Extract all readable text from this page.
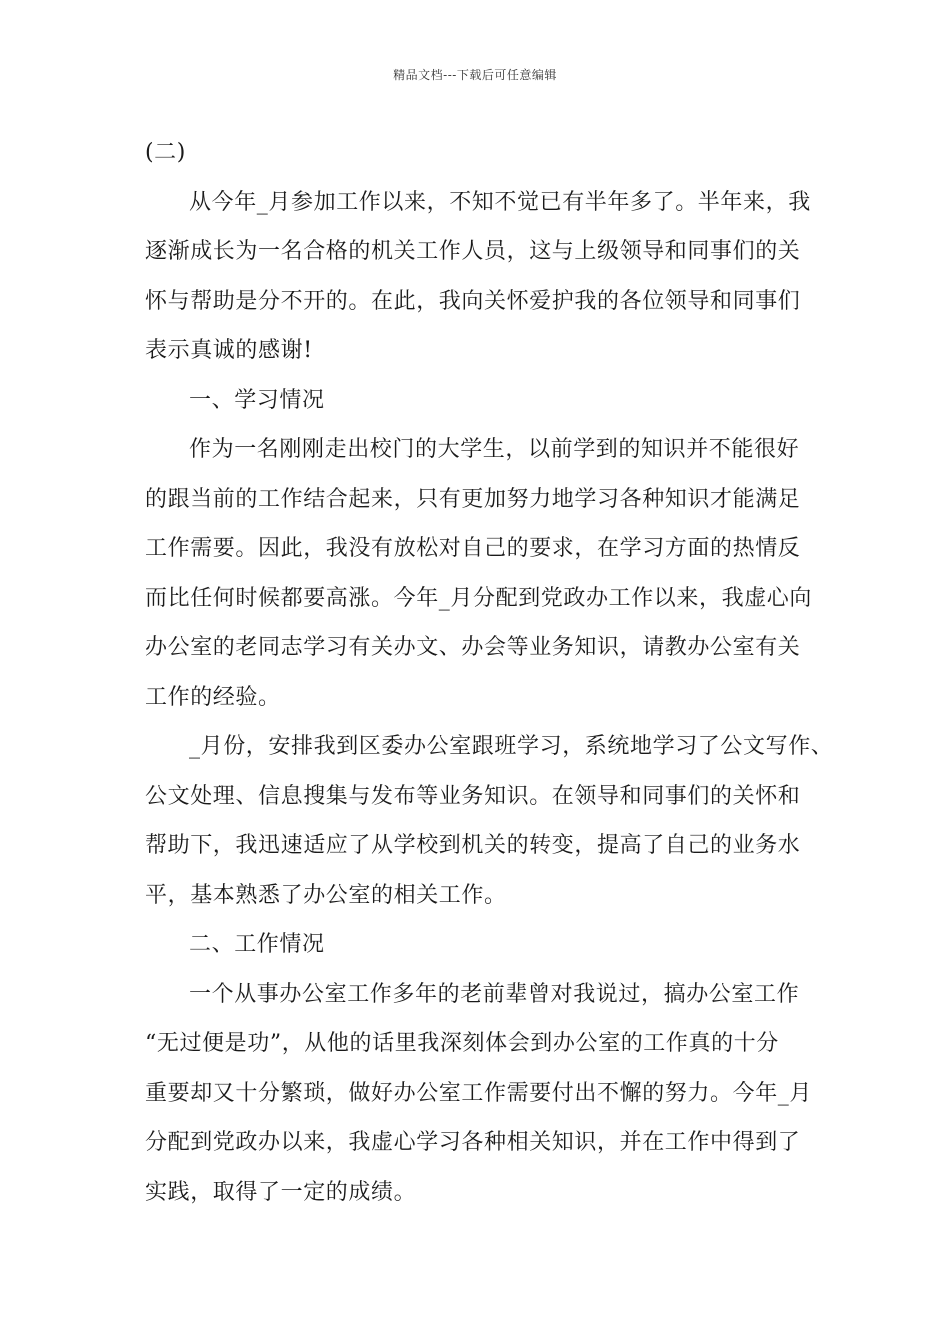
精品文档---下载后可任意编辑
(二)
从今年_月参加工作以来，不知不觉已有半年多了。半年来，我
逐渐成长为一名合格的机关工作人员，这与上级领导和同事们的关
怀与帮助是分不开的。在此，我向关怀爱护我的各位领导和同事们
表示真诚的感谢!
一、学习情况
作为一名刚刚走出校门的大学生，以前学到的知识并不能很好
的跟当前的工作结合起来，只有更加努力地学习各种知识才能满足
工作需要。因此，我没有放松对自己的要求，在学习方面的热情反
而比任何时候都要高涨。今年_月分配到党政办工作以来，我虚心向
办公室的老同志学习有关办文、办会等业务知识，请教办公室有关
工作的经验。
_月份，安排我到区委办公室跟班学习，系统地学习了公文写作、
公文处理、信息搜集与发布等业务知识。在领导和同事们的关怀和
帮助下，我迅速适应了从学校到机关的转变，提高了自己的业务水
平，基本熟悉了办公室的相关工作。
二、工作情况
一个从事办公室工作多年的老前辈曾对我说过，搞办公室工作
“无过便是功”，从他的话里我深刻体会到办公室的工作真的十分
重要却又十分繁琐，做好办公室工作需要付出不懈的努力。今年_月
分配到党政办以来，我虚心学习各种相关知识，并在工作中得到了
实践，取得了一定的成绩。
